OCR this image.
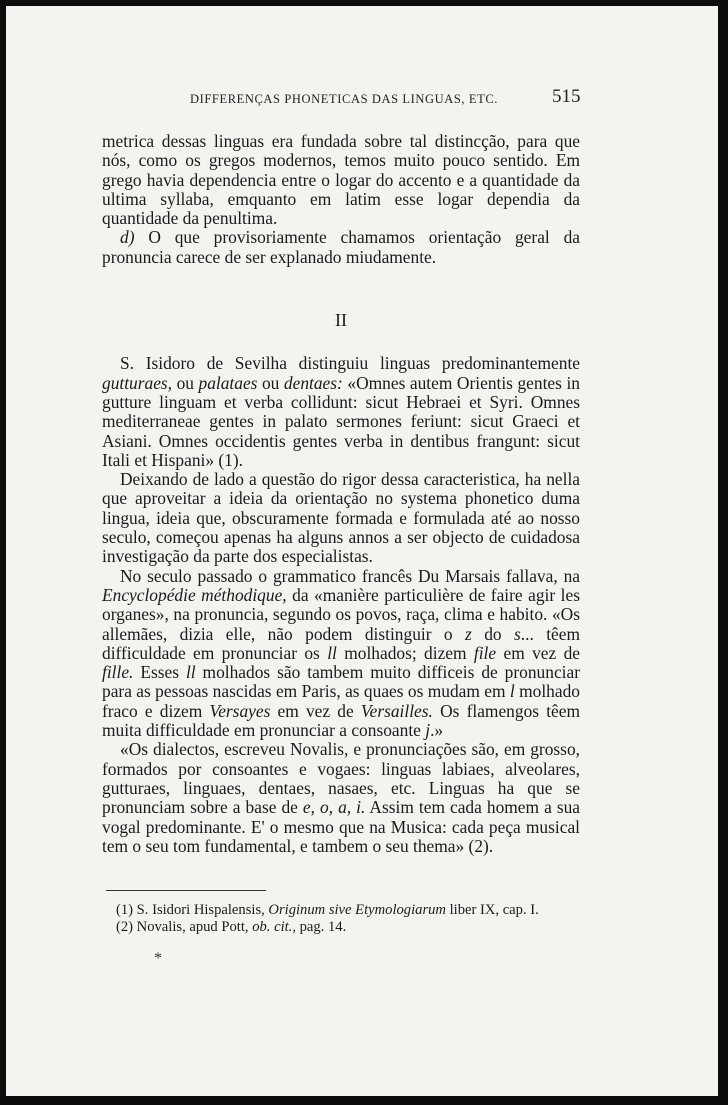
DIFFERENÇAS PHONETICAS DAS LINGUAS, ETC.	515

metrica dessas linguas era fundada sobre tal distincção, para que nós, como os gregos modernos, temos muito pouco sentido. Em grego havia dependencia entre o logar do accento e a quantidade da ultima syllaba, emquanto em latim esse logar dependia da quantidade da penultima.

d) O que provisoriamente chamamos orientação geral da pronuncia carece de ser explanado miudamente.

II

S. Isidoro de Sevilha distinguiu linguas predominantemente gutturaes, ou palataes ou dentaes: «Omnes autem Orientis gentes in gutture linguam et verba collidunt: sicut Hebraei et Syri. Omnes mediterraneae gentes in palato sermones feriunt: sicut Graeci et Asiani. Omnes occidentis gentes verba in dentibus frangunt: sicut Itali et Hispani» (1).

Deixando de lado a questão do rigor dessa caracteristica, ha nella que aproveitar a ideia da orientação no systema phonetico duma lingua, ideia que, obscuramente formada e formulada até ao nosso seculo, começou apenas ha alguns annos a ser objecto de cuidadosa investigação da parte dos especialistas.

No seculo passado o grammatico francês Du Marsais fallava, na Encyclopédie méthodique, da «manière particulière de faire agir les organes», na pronuncia, segundo os povos, raça, clima e habito. «Os allemães, dizia elle, não podem distinguir o z do s... têem difficuldade em pronunciar os ll molhados; dizem file em vez de fille. Esses ll molhados são tambem muito difficeis de pronunciar para as pessoas nascidas em Paris, as quaes os mudam em l molhado fraco e dizem Versayes em vez de Versailles. Os flamengos têem muita difficuldade em pronunciar a consoante j.»

«Os dialectos, escreveu Novalis, e pronunciações são, em grosso, formados por consoantes e vogaes: linguas labiaes, alveolares, gutturaes, linguaes, dentaes, nasaes, etc. Linguas ha que se pronunciam sobre a base de e, o, a, i. Assim tem cada homem a sua vogal predominante. E' o mesmo que na Musica: cada peça musical tem o seu tom fundamental, e tambem o seu thema» (2).

(1) S. Isidori Hispalensis, Originum sive Etymologiarum liber IX, cap. I.

(2) Novalis, apud Pott, ob. cit., pag. 14.

*
